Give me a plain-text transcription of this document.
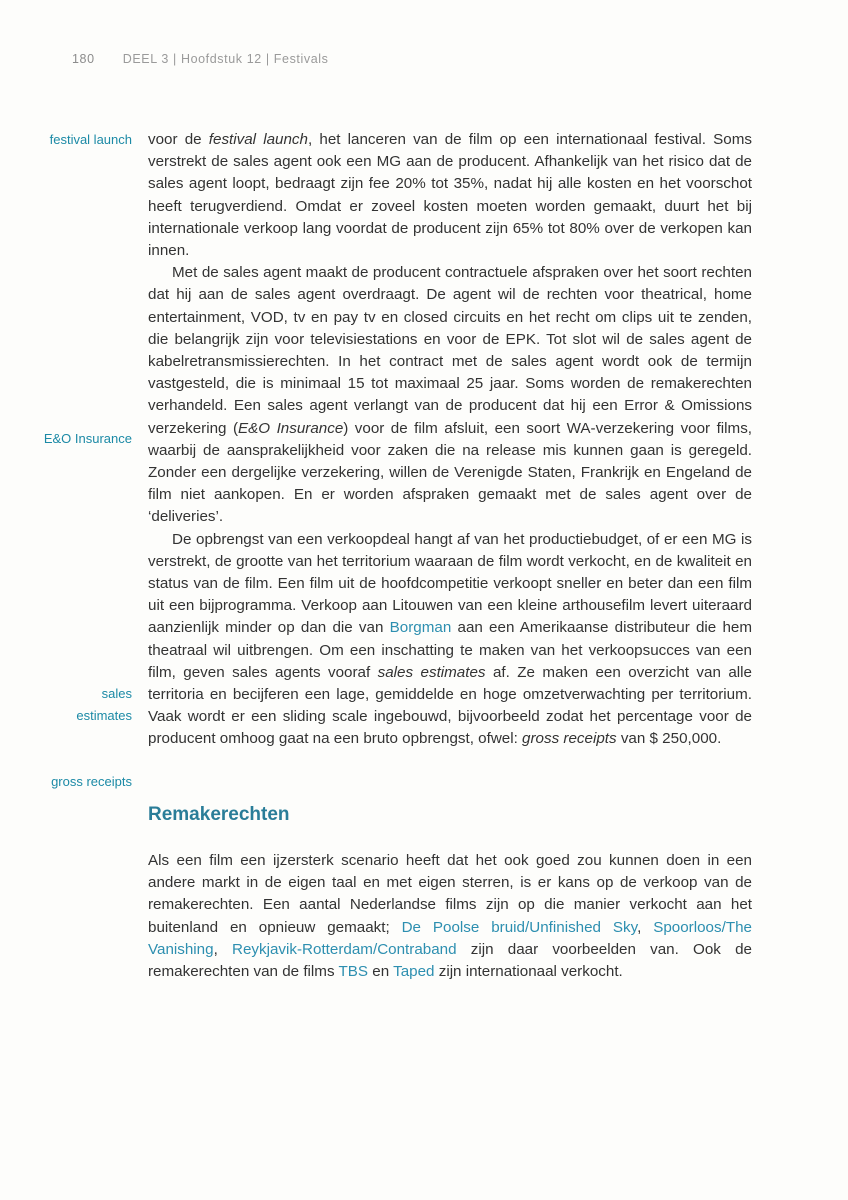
180 DEEL 3 | Hoofdstuk 12 | Festivals
festival launch
E&O Insurance
sales
estimates
gross receipts

voor de festival launch, het lanceren van de film op een internationaal festival. Soms verstrekt de sales agent ook een MG aan de producent. Afhankelijk van het risico dat de sales agent loopt, bedraagt zijn fee 20% tot 35%, nadat hij alle kosten en het voorschot heeft terugverdiend. Omdat er zoveel kosten moeten worden gemaakt, duurt het bij internationale verkoop lang voordat de producent zijn 65% tot 80% over de verkopen kan innen.

Met de sales agent maakt de producent contractuele afspraken over het soort rechten dat hij aan de sales agent overdraagt. De agent wil de rechten voor theatrical, home entertainment, VOD, tv en pay tv en closed circuits en het recht om clips uit te zenden, die belangrijk zijn voor televisiestations en voor de EPK. Tot slot wil de sales agent de kabelretransmissierechten. In het contract met de sales agent wordt ook de termijn vastgesteld, die is minimaal 15 tot maximaal 25 jaar. Soms worden de remakerechten verhandeld. Een sales agent verlangt van de producent dat hij een Error & Omissions verzekering (E&O Insurance) voor de film afsluit, een soort WA-verzekering voor films, waarbij de aansprakelijkheid voor zaken die na release mis kunnen gaan is geregeld. Zonder een dergelijke verzekering, willen de Verenigde Staten, Frankrijk en Engeland de film niet aankopen. En er worden afspraken gemaakt met de sales agent over de ‘deliveries’.

De opbrengst van een verkoopdeal hangt af van het productiebudget, of er een MG is verstrekt, de grootte van het territorium waaraan de film wordt verkocht, en de kwaliteit en status van de film. Een film uit de hoofdcompetitie verkoopt sneller en beter dan een film uit een bijprogramma. Verkoop aan Litouwen van een kleine arthousefilm levert uiteraard aanzienlijk minder op dan die van Borgman aan een Amerikaanse distributeur die hem theatraal wil uitbrengen. Om een inschatting te maken van het verkoopsucces van een film, geven sales agents vooraf sales estimates af. Ze maken een overzicht van alle territoria en becijferen een lage, gemiddelde en hoge omzetverwachting per territorium. Vaak wordt er een sliding scale ingebouwd, bijvoorbeeld zodat het percentage voor de producent omhoog gaat na een bruto opbrengst, ofwel: gross receipts van $ 250,000.

Remakerechten

Als een film een ijzersterk scenario heeft dat het ook goed zou kunnen doen in een andere markt in de eigen taal en met eigen sterren, is er kans op de verkoop van de remakerechten. Een aantal Nederlandse films zijn op die manier verkocht aan het buitenland en opnieuw gemaakt; De Poolse bruid/Unfinished Sky, Spoorloos/The Vanishing, Reykjavik-Rotterdam/Contraband zijn daar voorbeelden van. Ook de remakerechten van de films TBS en Taped zijn internationaal verkocht.
